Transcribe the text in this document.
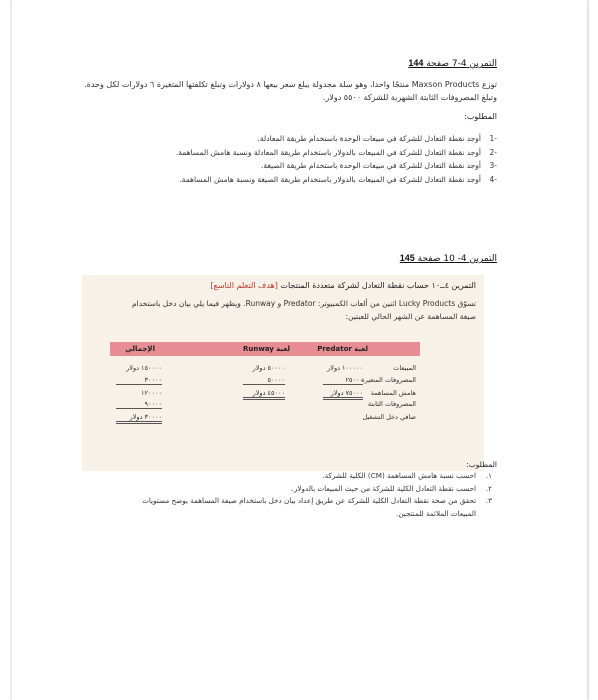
التمرين 4-7 صفحة 144
توزع Maxson Products منتجًا واحدا، وهو سلة مجدولة يبلغ سعر بيعها ٨ دولارات وتبلغ تكلفتها المتغيرة ٦ دولارات لكل وحدة.
وتبلغ المصروفات الثابتة الشهرية للشركة ٥٥٠٠ دولار.
المطلوب:
-1أوجد نقطة التعادل للشركة في مبيعات الوحدة باستخدام طريقة المعادلة.
-2أوجد نقطة التعادل للشركة في المبيعات بالدولار باستخدام طريقة المعادلة ونسبة هامش المساهمة.
-3أوجد نقطة التعادل للشركة في مبيعات الوحدة باستخدام طريقة الصيغة.
-4أوجد نقطة التعادل للشركة في المبيعات بالدولار باستخدام طريقة الصيغة ونسبة هامش المساهمة.
التمرين 4- 10 صفحة 145
التمرين ٤ــ١٠ حساب نقطة التعادل لشركة متعددة المنتجات [هدف التعلم التاسع]
تسوّق Lucky Products اثنين من ألعاب الكمبيوتر: Predator و Runway. ويظهر فيما يلي بيان دخل باستخدام
صيغة المساهمة عن الشهر الحالي للعبتين:
لعبة Predator
لعبة Runway
الإجمالي
المبيعات
المصروفات المتغيرة
هامش المساهمة
المصروفات الثابتة
صافي دخل التشغيل
١٠٠٠٠٠ دولار
٢٥٠٠٠
٧٥٠٠٠ دولار
٥٠٠٠٠ دولار
٥٠٠٠٠
٤٥٠٠٠ دولار
١٥٠٠٠٠ دولار
٣٠٠٠٠
١٢٠٠٠٠
٩٠٠٠٠
٣٠٠٠٠ دولار
المطلوب:
١.احسب نسبة هامش المساهمة (CM) الكلية للشركة.
٢.احسب نقطة التعادل الكلية للشركة من حيث المبيعات بالدولار.
٣.تحقق من صحة نقطة التعادل الكلية للشركة عن طريق إعداد بيان دخل باستخدام صيغة المساهمة يوضح مستويات
المبيعات الملائمة للمنتجين.
